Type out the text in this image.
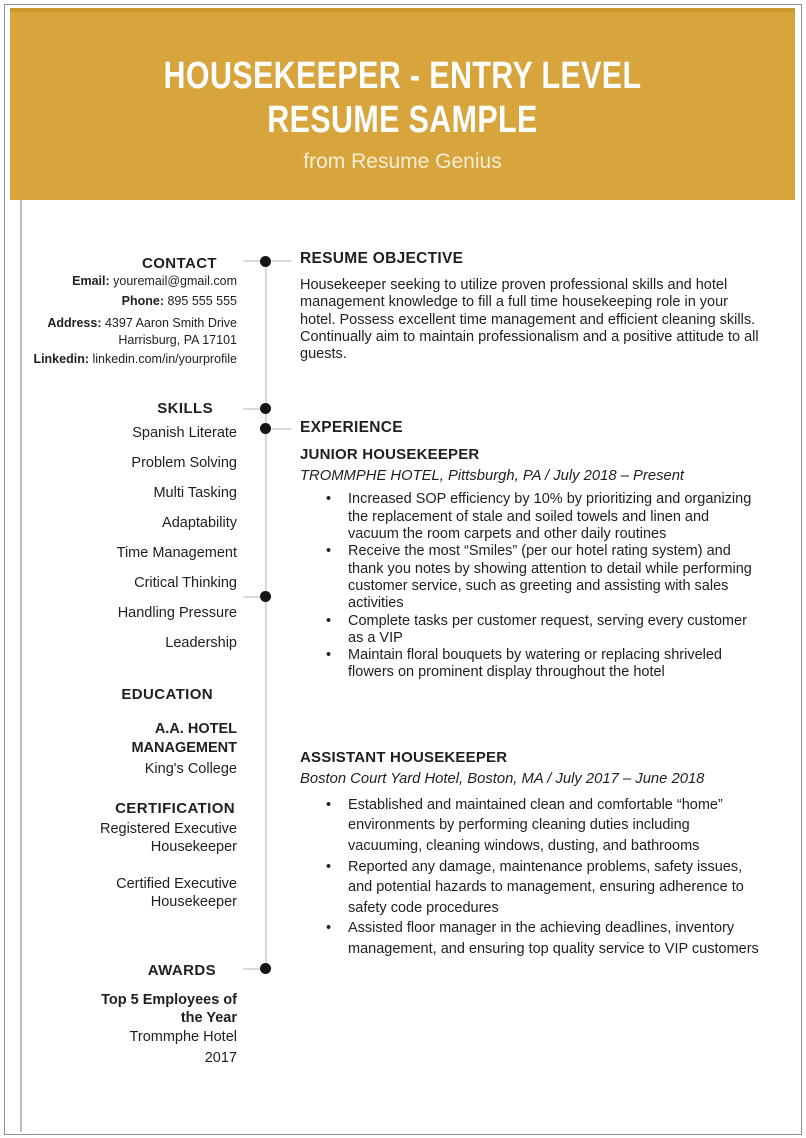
HOUSEKEEPER - ENTRY LEVEL
RESUME SAMPLE
from Resume Genius
CONTACT
Email: youremail@gmail.com
Phone: 895 555 555
Address: 4397 Aaron Smith Drive
Harrisburg, PA 17101
Linkedin: linkedin.com/in/yourprofile
SKILLS
Spanish Literate
Problem Solving
Multi Tasking
Adaptability
Time Management
Critical Thinking
Handling Pressure
Leadership
EDUCATION
A.A. HOTEL MANAGEMENT
King's College
CERTIFICATION
Registered Executive Housekeeper
Certified Executive Housekeeper
AWARDS
Top 5 Employees of the Year
Trommphe Hotel
2017
RESUME OBJECTIVE
Housekeeper seeking to utilize proven professional skills and hotel management knowledge to fill a full time housekeeping role in your hotel. Possess excellent time management and efficient cleaning skills. Continually aim to maintain professionalism and a positive attitude to all guests.
EXPERIENCE
JUNIOR HOUSEKEEPER
TROMMPHE HOTEL, Pittsburgh, PA / July 2018 – Present
• Increased SOP efficiency by 10% by prioritizing and organizing the replacement of stale and soiled towels and linen and vacuum the room carpets and other daily routines
• Receive the most “Smiles” (per our hotel rating system) and thank you notes by showing attention to detail while performing customer service, such as greeting and assisting with sales activities
• Complete tasks per customer request, serving every customer as a VIP
• Maintain floral bouquets by watering or replacing shriveled flowers on prominent display throughout the hotel
ASSISTANT HOUSEKEEPER
Boston Court Yard Hotel, Boston, MA / July 2017 – June 2018
• Established and maintained clean and comfortable “home” environments by performing cleaning duties including vacuuming, cleaning windows, dusting, and bathrooms
• Reported any damage, maintenance problems, safety issues, and potential hazards to management, ensuring adherence to safety code procedures
• Assisted floor manager in the achieving deadlines, inventory management, and ensuring top quality service to VIP customers
